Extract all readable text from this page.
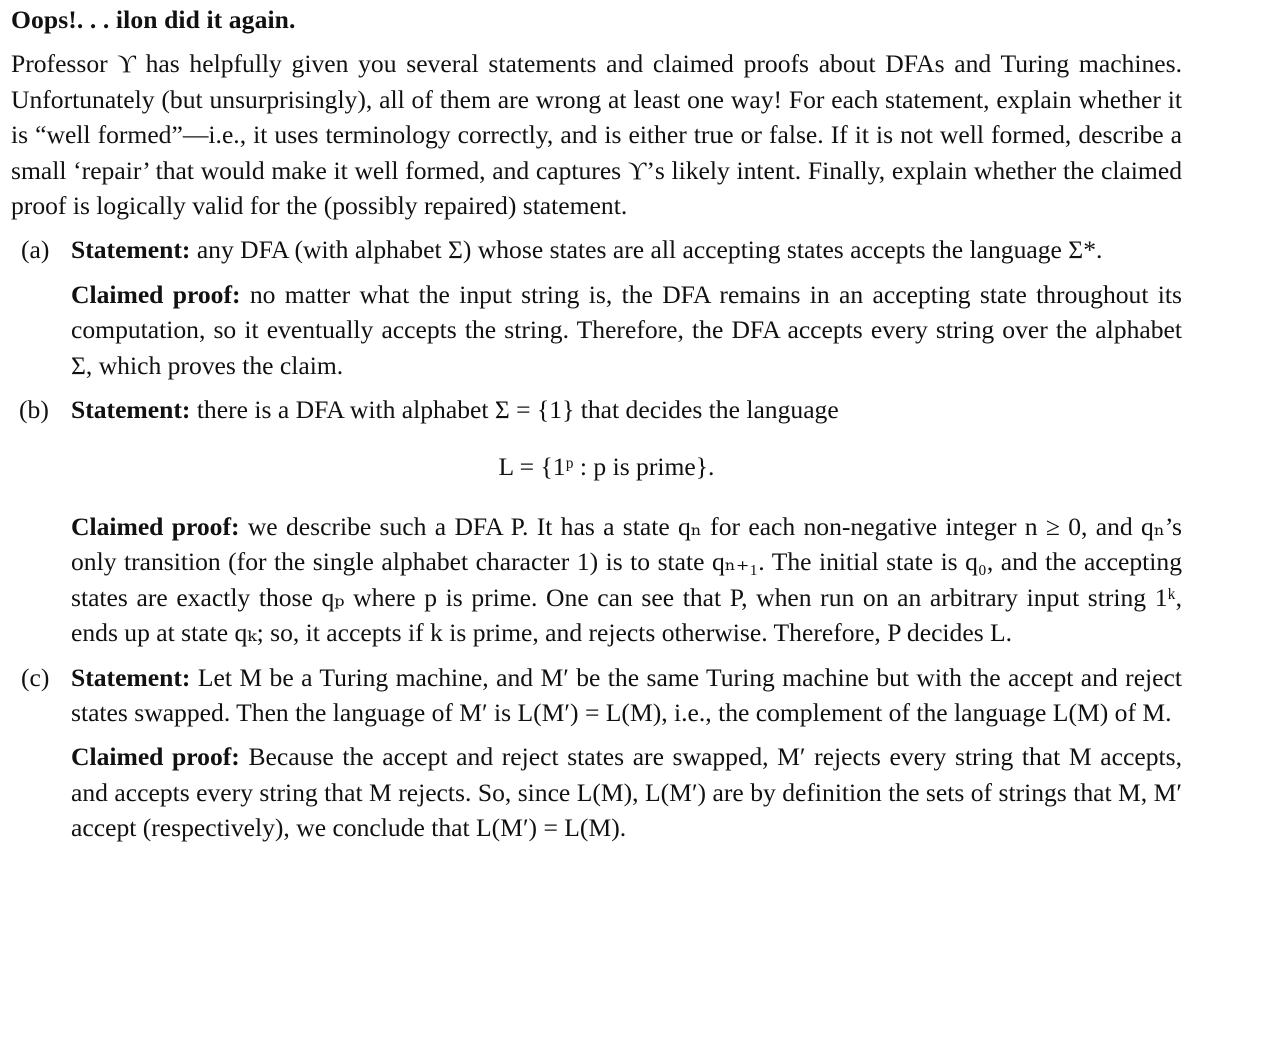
Oops!. . . ilon did it again.
Professor ϒ has helpfully given you several statements and claimed proofs about DFAs and Turing machines. Unfortunately (but unsurprisingly), all of them are wrong at least one way! For each statement, explain whether it is “well formed”—i.e., it uses terminology correctly, and is either true or false. If it is not well formed, describe a small ‘repair’ that would make it well formed, and captures ϒ’s likely intent. Finally, explain whether the claimed proof is logically valid for the (possibly repaired) statement.
(a) Statement: any DFA (with alphabet Σ) whose states are all accepting states accepts the language Σ*.

Claimed proof: no matter what the input string is, the DFA remains in an accepting state throughout its computation, so it eventually accepts the string. Therefore, the DFA accepts every string over the alphabet Σ, which proves the claim.

(b) Statement: there is a DFA with alphabet Σ = {1} that decides the language

L = {1ᵖ : p is prime}.

Claimed proof: we describe such a DFA P. It has a state qₙ for each non-negative integer n ≥ 0, and qₙ’s only transition (for the single alphabet character 1) is to state qₙ₊₁. The initial state is q₀, and the accepting states are exactly those qₚ where p is prime. One can see that P, when run on an arbitrary input string 1ᵏ, ends up at state qₖ; so, it accepts if k is prime, and rejects otherwise. Therefore, P decides L.

(c) Statement: Let M be a Turing machine, and M′ be the same Turing machine but with the accept and reject states swapped. Then the language of M′ is L(M′) = L(M), i.e., the complement of the language L(M) of M.

Claimed proof: Because the accept and reject states are swapped, M′ rejects every string that M accepts, and accepts every string that M rejects. So, since L(M), L(M′) are by definition the sets of strings that M, M′ accept (respectively), we conclude that L(M′) = L(M).
